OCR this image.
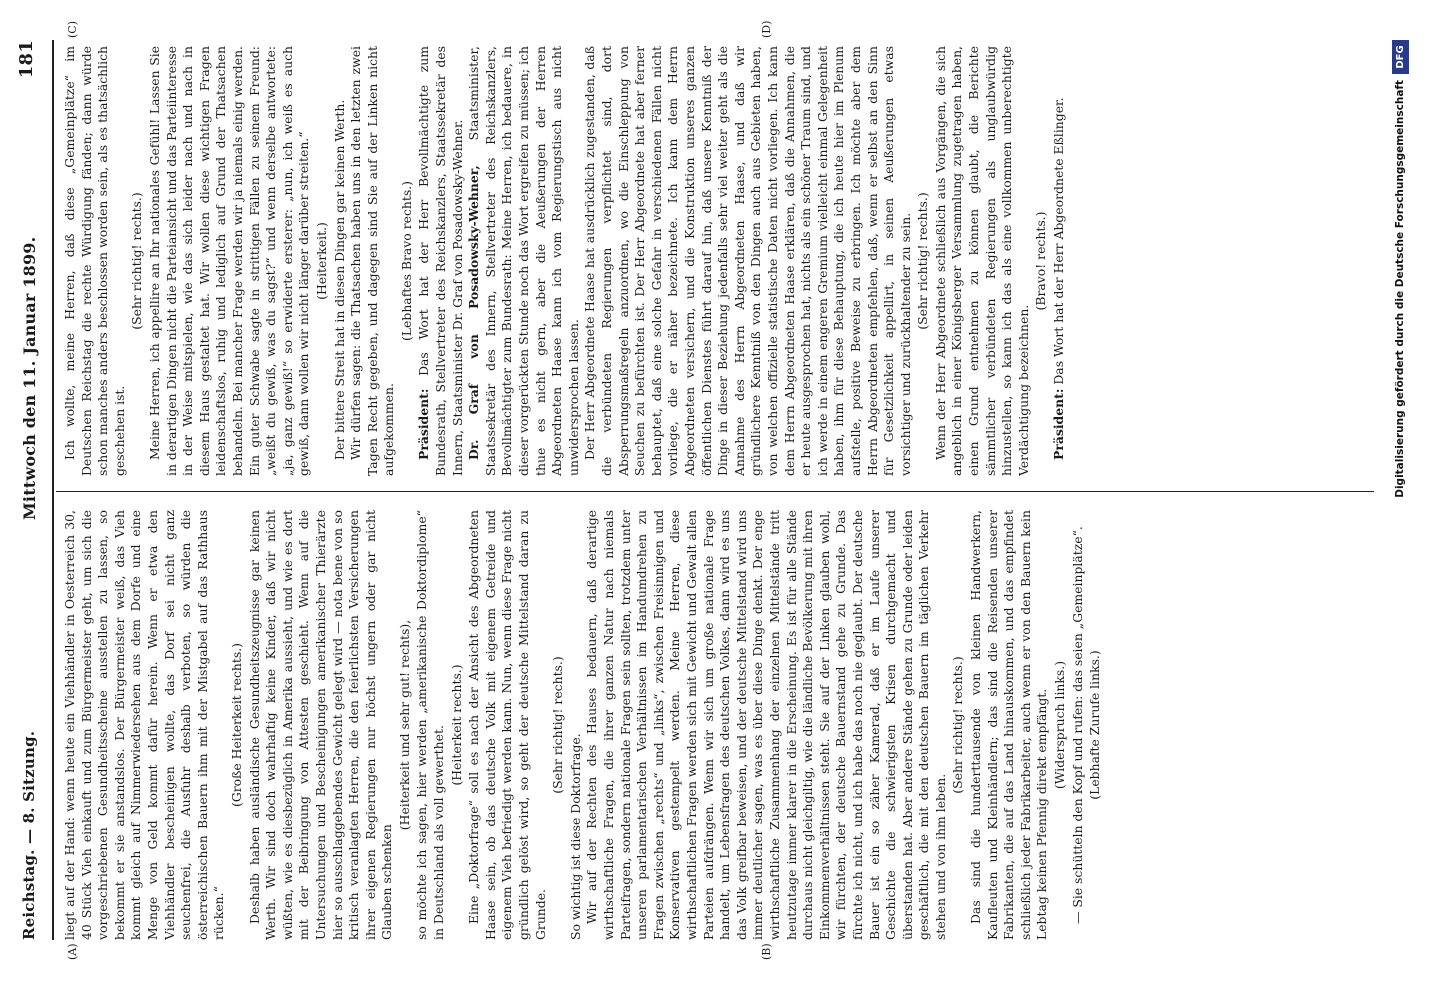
Reichstag. — 8. Sitzung.
Mittwoch den 11. Januar 1899.
181
(A)	(B)
(C)	(D)

liegt auf der Hand: wenn heute ein Viehhändler in Oesterreich 30, 40 Stück Vieh einkauft und zum Bürgermeister geht, um sich die vorgeschriebenen Gesundheitsscheine ausstellen zu lassen, so bekommt er sie anstandslos. Der Bürgermeister weiß, das Vieh kommt gleich auf Nimmerwiedersehen aus dem Dorfe und eine Menge von Geld kommt dafür herein. Wenn er etwa den Viehhändler bescheinigen wollte, das Dorf sei nicht ganz seuchenfrei, die Ausfuhr deshalb verboten, so würden die österreichischen Bauern ihm mit der Mistgabel auf das Rathhaus rücken.“

(Große Heiterkeit rechts.) Deshalb haben ausländische Gesundheitszeugnisse gar keinen Werth. Wir sind doch wahrhaftig keine Kinder, daß wir nicht wüßten, wie es diesbezüglich in Amerika aussieht, und wie es dort mit der Beibringung von Attesten geschieht. Wenn auf die Untersuchungen und Bescheinigungen amerikanischer Thierärzte hier so ausschlaggebendes Gewicht gelegt wird — nota bene von so kritisch veranlagten Herren, die den feierlichsten Versicherungen ihrer eigenen Regierungen nur höchst ungern oder gar nicht Glauben schenken

(Heiterkeit und sehr gut! rechts), so möchte ich sagen, hier werden „amerikanische Doktordiplome“ in Deutschland als voll gewerthet.

(Heiterkeit rechts.) Eine „Doktorfrage“ soll es nach der Ansicht des Abgeordneten Haase sein, ob das deutsche Volk mit eigenem Getreide und eigenem Vieh befriedigt werden kann. Nun, wenn diese Frage nicht gründlich gelöst wird, so geht der deutsche Mittelstand daran zu Grunde.

(Sehr richtig! rechts.)

So wichtig ist diese Doktorfrage. Wir auf der Rechten des Hauses bedauern, daß derartige wirthschaftliche Fragen, die ihrer ganzen Natur nach niemals Parteifragen, sondern nationale Fragen sein sollten, trotzdem unter unseren parlamentarischen Verhältnissen im Handumdrehen zu Fragen zwischen „rechts“ und „links“, zwischen Freisinnigen und Konservativen gestempelt werden. Meine Herren, diese wirthschaftlichen Fragen werden sich mit Gewicht und Gewalt allen Parteien aufdrängen. Wenn wir sich um große nationale Frage handelt, um Lebensfragen des deutschen Volkes, dann wird es uns das Volk greifbar beweisen, und der deutsche Mittelstand wird uns immer deutlicher sagen, was es über diese Dinge denkt. Der enge wirthschaftliche Zusammenhang der einzelnen Mittelstände tritt heutzutage immer klarer in die Erscheinung. Es ist für alle Stände durchaus nicht gleichgiltig, wie die ländliche Bevölkerung mit ihren Einkommenverhältnissen steht. Sie auf der Linken glauben wohl, wir fürchten, der deutsche Bauernstand gehe zu Grunde. Das fürchte ich nicht, und ich habe das noch nie geglaubt. Der deutsche Bauer ist ein so zäher Kamerad, daß er im Laufe unserer Geschichte die schwierigsten Krisen durchgemacht und überstanden hat. Aber andere Stände gehen zu Grunde oder leiden geschäftlich, die mit den deutschen Bauern im täglichen Verkehr stehen und von ihm leben.

(Sehr richtig! rechts.) Das sind die hunderttausende von kleinen Handwerkern, Kaufleuten und Kleinhändlern; das sind die Reisenden unserer Fabrikanten, die auf das Land hinauskommen, und das empfindet schließlich jeder Fabrikarbeiter, auch wenn er von den Bauern kein Lebtag keinen Pfennig direkt empfängt. (Widerspruch links.) — Sie schütteln den Kopf und rufen: das seien „Gemeinplätze“. (Lebhafte Zurufe links.)

Ich wollte, meine Herren, daß diese „Gemeinplätze“ im Deutschen Reichstag die rechte Würdigung fänden; dann würde schon manches anders beschlossen worden sein, als es thatsächlich geschehen ist.

(Sehr richtig! rechts.) Meine Herren, ich appellire an Ihr nationales Gefühl! Lassen Sie in derartigen Dingen nicht die Parteiansicht und das Parteiinteresse in der Weise mitspielen, wie das sich leider nach und nach in diesem Haus gestaltet hat. Wir wollen diese wichtigen Fragen leidenschaftslos, ruhig und lediglich auf Grund der Thatsachen behandeln. Bei mancher Frage werden wir ja niemals einig werden. Ein guter Schwabe sagte in strittigen Fällen zu seinem Freund: „weißt du gewiß, was du sagst?“ und wenn derselbe antwortete: „ja, ganz gewiß!“ so erwiderte ersterer: „nun, ich weiß es auch gewiß, dann wollen wir nicht länger darüber streiten.“ (Heiterkeit.) Der bittere Streit hat in diesen Dingen gar keinen Werth. Wir dürfen sagen: die Thatsachen haben uns in den letzten zwei Tagen Recht gegeben, und dagegen sind Sie auf der Linken nicht aufgekommen.

(Lebhaftes Bravo rechts.)

Präsident: Das Wort hat der Herr Bevollmächtigte zum Bundesrath, Stellvertreter des Reichskanzlers, Staatssekretär des Innern, Staatsminister Dr. Graf von Posadowsky-Wehner. Dr. Graf von Posadowsky-Wehner, Staatsminister, Staatssekretär des Innern, Stellvertreter des Reichskanzlers, Bevollmächtigter zum Bundesrath: Meine Herren, ich bedauere, in dieser vorgerückten Stunde noch das Wort ergreifen zu müssen; ich thue es nicht gern, aber die Aeußerungen der Herren Abgeordneten Haase kann ich vom Regierungstisch aus nicht unwidersprochen lassen. Der Herr Abgeordnete Haase hat ausdrücklich zugestanden, daß die verbündeten Regierungen verpflichtet sind, dort Absperrungsmaßregeln anzuordnen, wo die Einschleppung von Seuchen zu befürchten ist. Der Herr Abgeordnete hat aber ferner behauptet, daß eine solche Gefahr in verschiedenen Fällen nicht vorliege, die er näher bezeichnete. Ich kann dem Herrn Abgeordneten versichern, und die Konstruktion unseres ganzen öffentlichen Dienstes führt darauf hin, daß unsere Kenntniß der Dinge in dieser Beziehung jedenfalls sehr viel weiter geht als die Annahme des Herrn Abgeordneten Haase, und daß wir gründlichere Kenntniß von den Dingen auch aus Gebieten haben, von welchen offizielle statistische Daten nicht vorliegen. Ich kann dem Herrn Abgeordneten Haase erklären, daß die Annahmen, die er heute ausgesprochen hat, nichts als ein schöner Traum sind, und ich werde in einem engeren Gremium vielleicht einmal Gelegenheit haben, ihm für diese Behauptung, die ich heute hier im Plenum aufstelle, positive Beweise zu erbringen. Ich möchte aber dem Herrn Abgeordneten empfehlen, daß, wenn er selbst an den Sinn für Gesetzlichkeit appellirt, in seinen Aeußerungen etwas vorsichtiger und zurückhaltender zu sein. (Sehr richtig! rechts.) Wenn der Herr Abgeordnete schließlich aus Vorgängen, die sich angeblich in einer Königsberger Versammlung zugetragen haben, einen Grund entnehmen zu können glaubt, die Berichte sämmtlicher verbündeten Regierungen als unglaubwürdig hinzustellen, so kann ich das als eine vollkommen unberechtigte Verdächtigung bezeichnen.

(Bravo! rechts.)

Präsident: Das Wort hat der Herr Abgeordnete Eßlinger.	Digitalisierung gefördert durch die Deutsche Forschungsgemeinschaft
DFG
